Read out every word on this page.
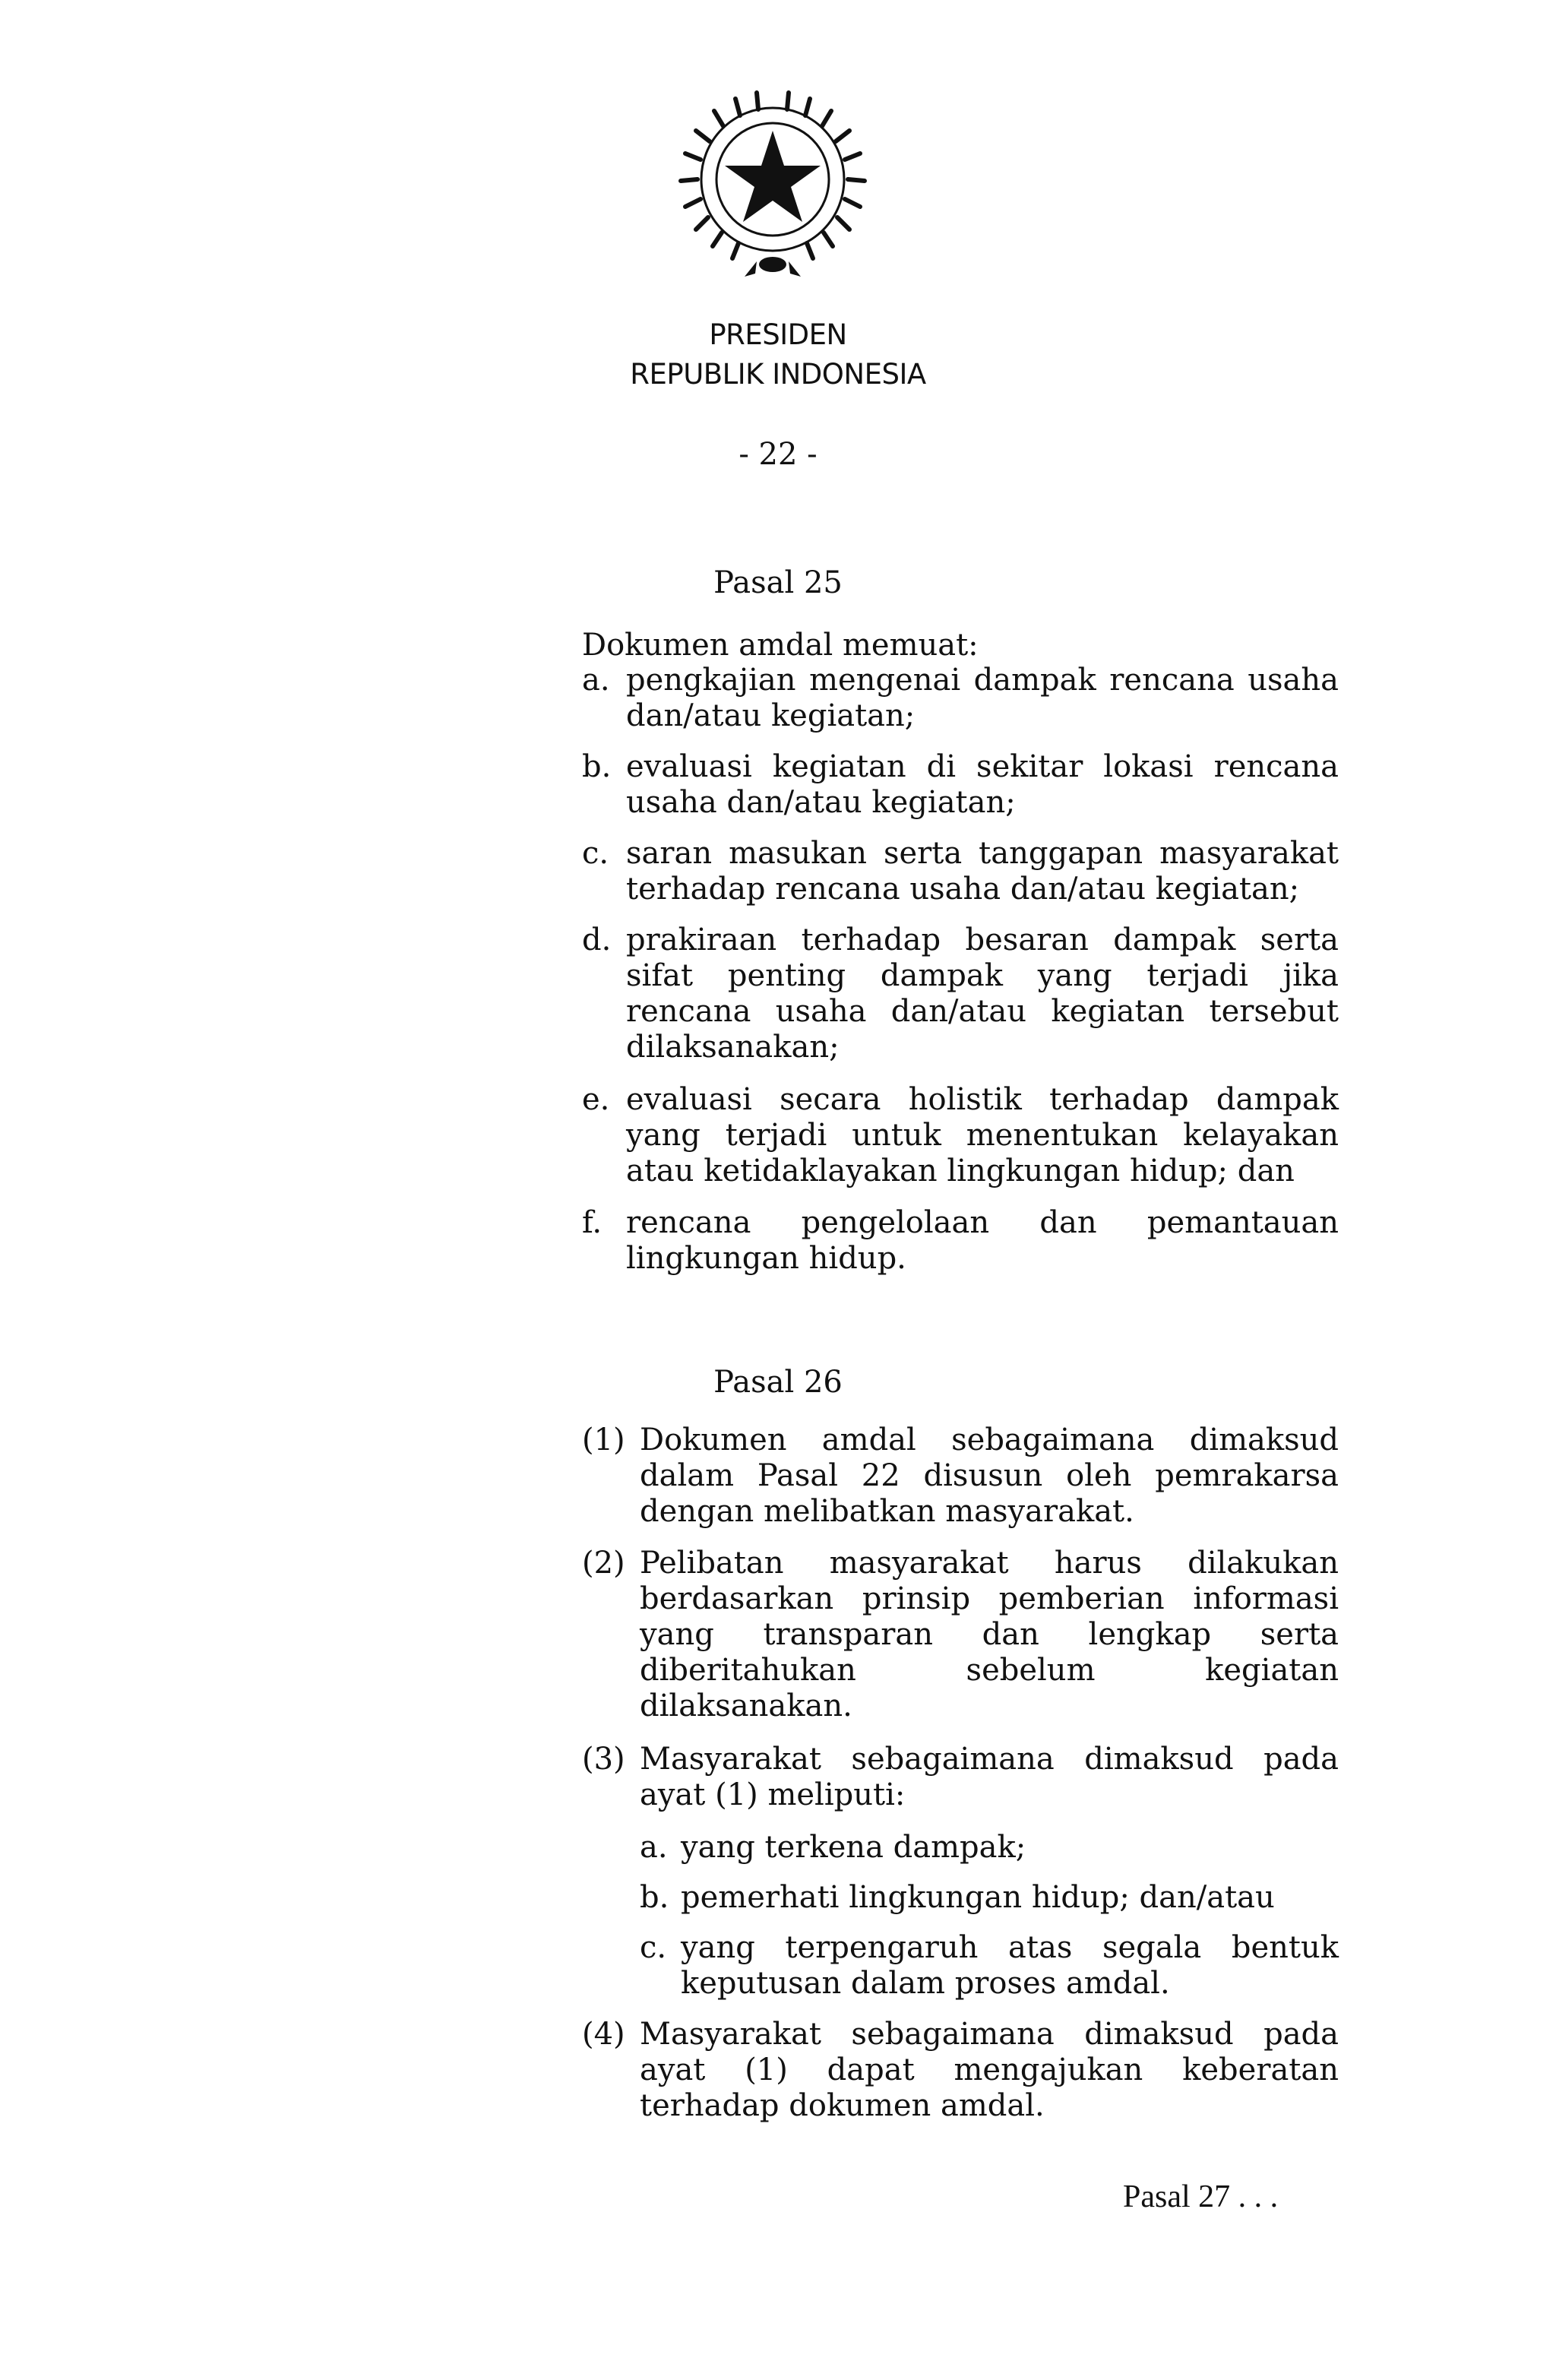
PRESIDEN
REPUBLIK INDONESIA
- 22 -
Pasal 25
Dokumen amdal memuat:
a. pengkajian mengenai dampak rencana usaha dan/atau kegiatan;
b. evaluasi kegiatan di sekitar lokasi rencana usaha dan/atau kegiatan;
c. saran masukan serta tanggapan masyarakat terhadap rencana usaha dan/atau kegiatan;
d. prakiraan terhadap besaran dampak serta sifat penting dampak yang terjadi jika rencana usaha dan/atau kegiatan tersebut dilaksanakan;
e. evaluasi secara holistik terhadap dampak yang terjadi untuk menentukan kelayakan atau ketidaklayakan lingkungan hidup; dan
f. rencana pengelolaan dan pemantauan lingkungan hidup.
Pasal 26
(1) Dokumen amdal sebagaimana dimaksud dalam Pasal 22 disusun oleh pemrakarsa dengan melibatkan masyarakat.
(2) Pelibatan masyarakat harus dilakukan berdasarkan prinsip pemberian informasi yang transparan dan lengkap serta diberitahukan sebelum kegiatan dilaksanakan.
(3) Masyarakat sebagaimana dimaksud pada ayat (1) meliputi:
a. yang terkena dampak;
b. pemerhati lingkungan hidup; dan/atau
c. yang terpengaruh atas segala bentuk keputusan dalam proses amdal.
(4) Masyarakat sebagaimana dimaksud pada ayat (1) dapat mengajukan keberatan terhadap dokumen amdal.
Pasal 27 . . .
